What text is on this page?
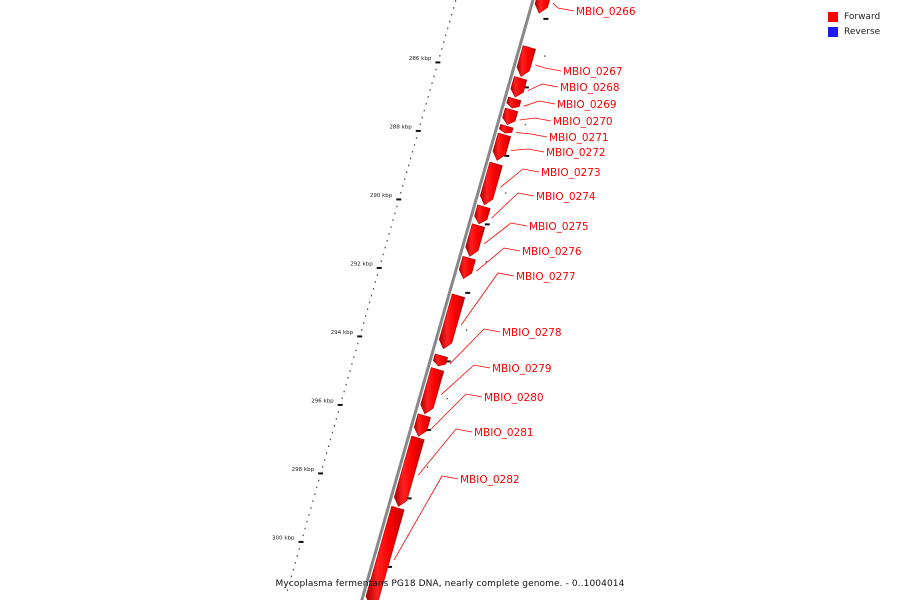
MBIO_0266
MBIO_0267
MBIO_0268
MBIO_0269
MBIO_0270
MBIO_0271
MBIO_0272
MBIO_0273
MBIO_0274
MBIO_0275
MBIO_0276
MBIO_0277
MBIO_0278
MBIO_0279
MBIO_0280
MBIO_0281
MBIO_0282
286 kbp
288 kbp
290 kbp
292 kbp
294 kbp
296 kbp
298 kbp
300 kbp
Forward
Reverse
Mycoplasma fermentans PG18 DNA, nearly complete genome. - 0..1004014
